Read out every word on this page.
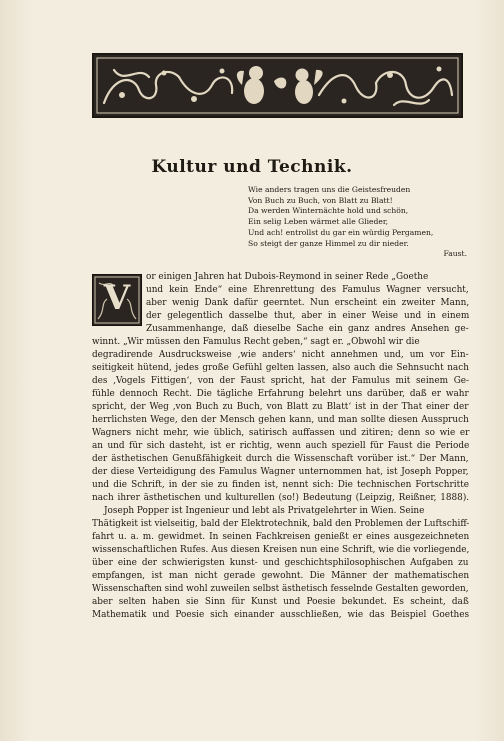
Kultur und Technik.
Wie anders tragen uns die Geistesfreuden
Von Buch zu Buch, von Blatt zu Blatt!
Da werden Winternächte hold und schön,
Ein selig Leben wärmet alle Glieder,
Und ach! entrollst du gar ein würdig Pergamen,
So steigt der ganze Himmel zu dir nieder.
Faust.
V

or einigen Jahren hat Dubois-Reymond in seiner Rede „Goethe

und kein Ende“ eine Ehrenrettung des Famulus Wagner versucht,

aber wenig Dank dafür geerntet. Nun erscheint ein zweiter Mann,

der gelegentlich dasselbe thut, aber in einer Weise und in einem

Zusammenhange, daß dieselbe Sache ein ganz andres Ansehen ge-

winnt. „Wir müssen den Famulus Recht geben,“ sagt er. „Obwohl wir die

degradirende Ausdrucksweise ‚wie anders‘ nicht annehmen und, um vor Ein-

seitigkeit hütend, jedes große Gefühl gelten lassen, also auch die Sehnsucht nach

des ‚Vogels Fittigen‘, von der Faust spricht, hat der Famulus mit seinem Ge-

fühle dennoch Recht. Die tägliche Erfahrung belehrt uns darüber, daß er wahr

spricht, der Weg ‚von Buch zu Buch, von Blatt zu Blatt‘ ist in der That einer der

herrlichsten Wege, den der Mensch gehen kann, und man sollte diesen Ausspruch

Wagners nicht mehr, wie üblich, satirisch auffassen und zitiren; denn so wie er

an und für sich dasteht, ist er richtig, wenn auch speziell für Faust die Periode

der ästhetischen Genußfähigkeit durch die Wissenschaft vorüber ist.“ Der Mann,

der diese Verteidigung des Famulus Wagner unternommen hat, ist Joseph Popper,

und die Schrift, in der sie zu finden ist, nennt sich: Die technischen Fortschritte

nach ihrer ästhetischen und kulturellen (so!) Bedeutung (Leipzig, Reißner, 1888).

Joseph Popper ist Ingenieur und lebt als Privatgelehrter in Wien. Seine

Thätigkeit ist vielseitig, bald der Elektrotechnik, bald den Problemen der Luftschiff-

fahrt u. a. m. gewidmet. In seinen Fachkreisen genießt er eines ausgezeichneten

wissenschaftlichen Rufes. Aus diesen Kreisen nun eine Schrift, wie die vorliegende,

über eine der schwierigsten kunst- und geschichtsphilosophischen Aufgaben zu

empfangen, ist man nicht gerade gewohnt. Die Männer der mathematischen

Wissenschaften sind wohl zuweilen selbst ästhetisch fesselnde Gestalten geworden,

aber selten haben sie Sinn für Kunst und Poesie bekundet. Es scheint, daß

Mathematik und Poesie sich einander ausschließen, wie das Beispiel Goethes
